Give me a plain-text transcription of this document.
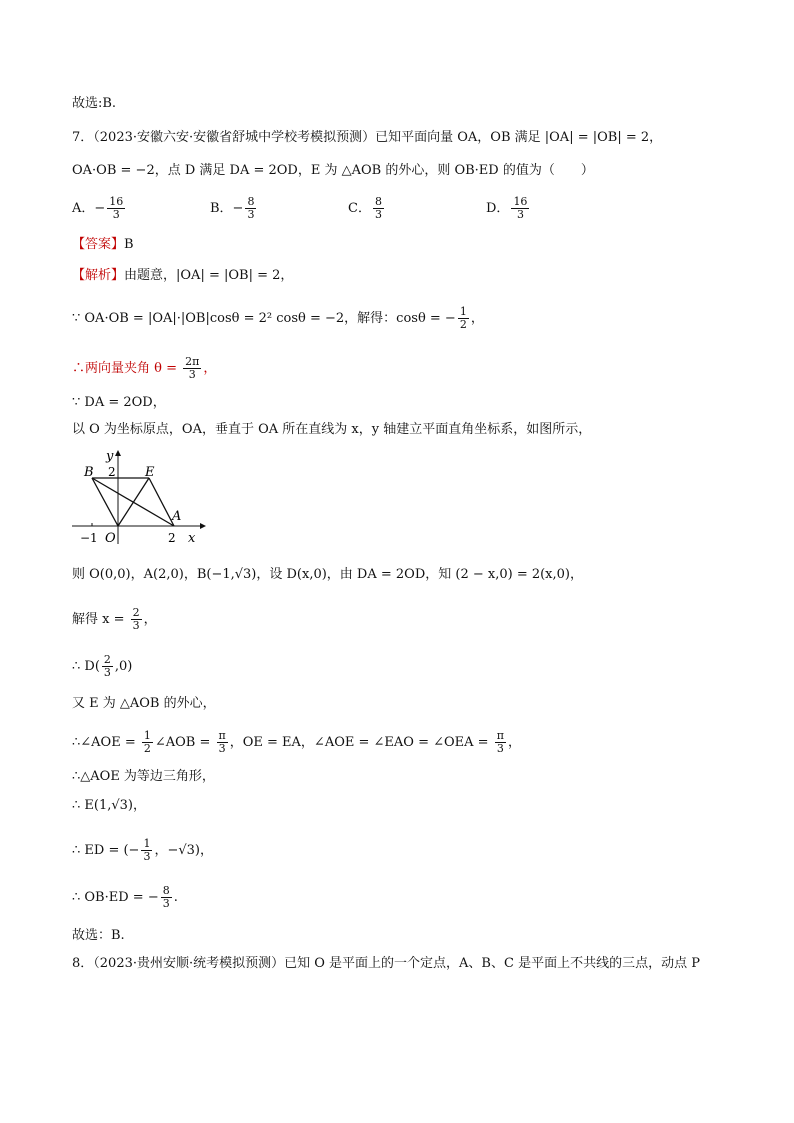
故选:B.
7．（2023·安徽六安·安徽省舒城中学校考模拟预测）已知平面向量 OA，OB 满足 |OA| = |OB| = 2，
OA·OB = −2，点 D 满足 DA = 2OD，E 为 △AOB 的外心，则 OB·ED 的值为（　　）
A．− $\frac{16}{3}$	B．− $\frac{8}{3}$	C． $\frac{8}{3}$	D． $\frac{16}{3}$
【答案】B
【解析】由题意，|OA| = |OB| = 2，
∵ OA·OB = |OA|·|OB|cosθ = 2² cosθ = −2，解得：cosθ = − $\frac{1}{2}$ ，
∴两向量夹角 $\theta = \frac{2\pi}{3}$ ，
∵ DA = 2OD，
以 O 为坐标原点，OA，垂直于 OA 所在直线为 x，y 轴建立平面直角坐标系，如图所示，
y
B 2 E
A
−1 O	2 x
则 O(0,0)，A(2,0)，B(−1,√3)，设 D(x,0)，由 DA = 2OD，知 (2 − x,0) = 2(x,0)，
解得 $x = \frac{2}{3}$ ，
∴ $D( \frac{2}{3} ,0)$
又 E 为 △AOB 的外心，
∴∠AOE = $\frac{1}{2}$ ∠AOB = $\frac{\pi}{3}$ ，OE = EA，∠AOE = ∠EAO = ∠OEA = $\frac{\pi}{3}$ ，
∴△AOE 为等边三角形，
∴ E(1,√3)，
∴ ED = (− $\frac{1}{3}$ ，−√3)，
∴ OB·ED = − $\frac{8}{3}$ .
故选：B.
8．（2023·贵州安顺·统考模拟预测）已知 O 是平面上的一个定点，A、B、C 是平面上不共线的三点，动点 P
